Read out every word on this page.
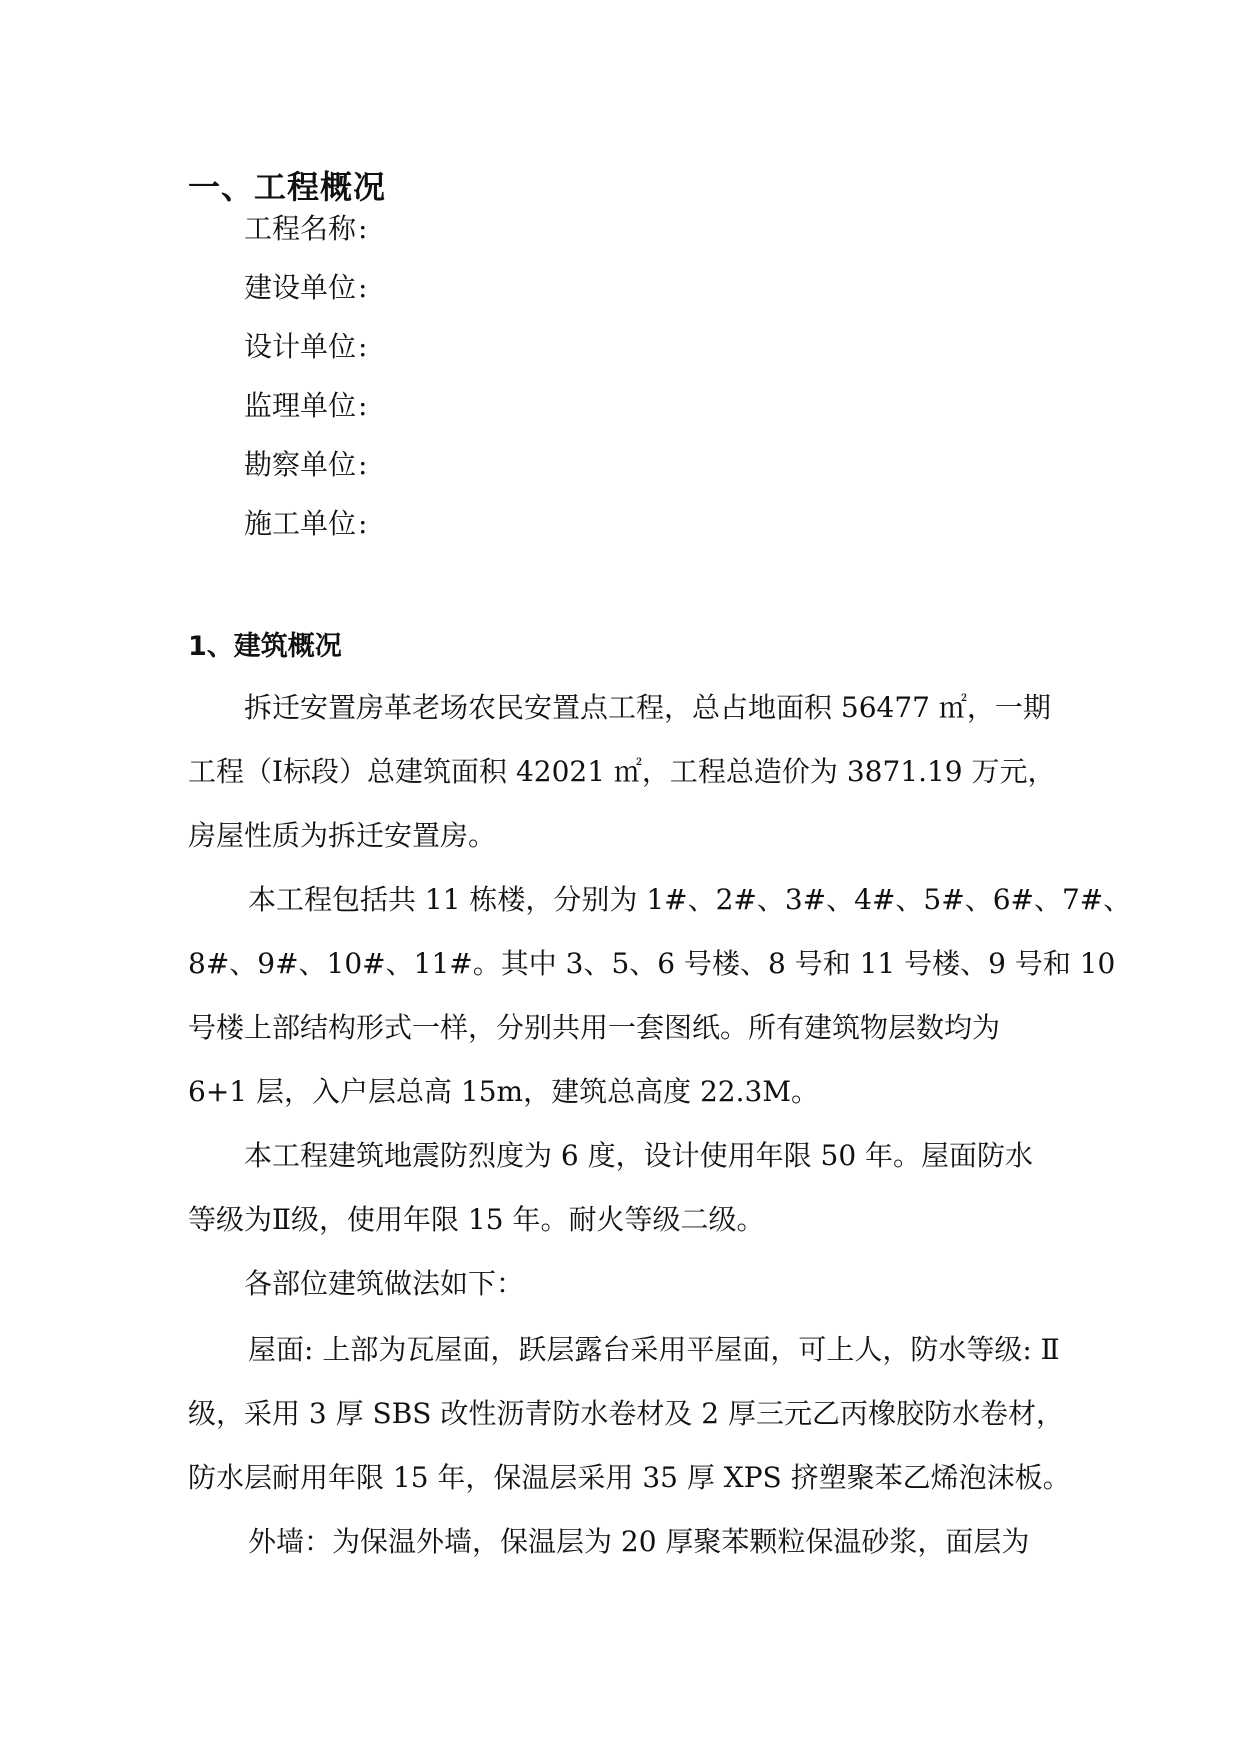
一、工程概况
工程名称:
建设单位:
设计单位:
监理单位:
勘察单位:
施工单位:
1、建筑概况
拆迁安置房革老场农民安置点工程，总占地面积 56477 ㎡，一期
工程（Ⅰ标段）总建筑面积 42021 ㎡，工程总造价为 3871.19 万元，
房屋性质为拆迁安置房。
本工程包括共 11 栋楼，分别为 1#、2#、3#、4#、5#、6#、7#、
8#、9#、10#、11#。其中 3、5、6 号楼、8 号和 11 号楼、9 号和 10
号楼上部结构形式一样，分别共用一套图纸。所有建筑物层数均为
6+1 层，入户层总高 15m，建筑总高度 22.3M。
本工程建筑地震防烈度为 6 度，设计使用年限 50 年。屋面防水
等级为Ⅱ级，使用年限 15 年。耐火等级二级。
各部位建筑做法如下：
屋面: 上部为瓦屋面，跃层露台采用平屋面，可上人，防水等级: Ⅱ
级，采用 3 厚 SBS 改性沥青防水卷材及 2 厚三元乙丙橡胶防水卷材，
防水层耐用年限 15 年，保温层采用 35 厚 XPS 挤塑聚苯乙烯泡沫板。
外墙：为保温外墙，保温层为 20 厚聚苯颗粒保温砂浆，面层为
